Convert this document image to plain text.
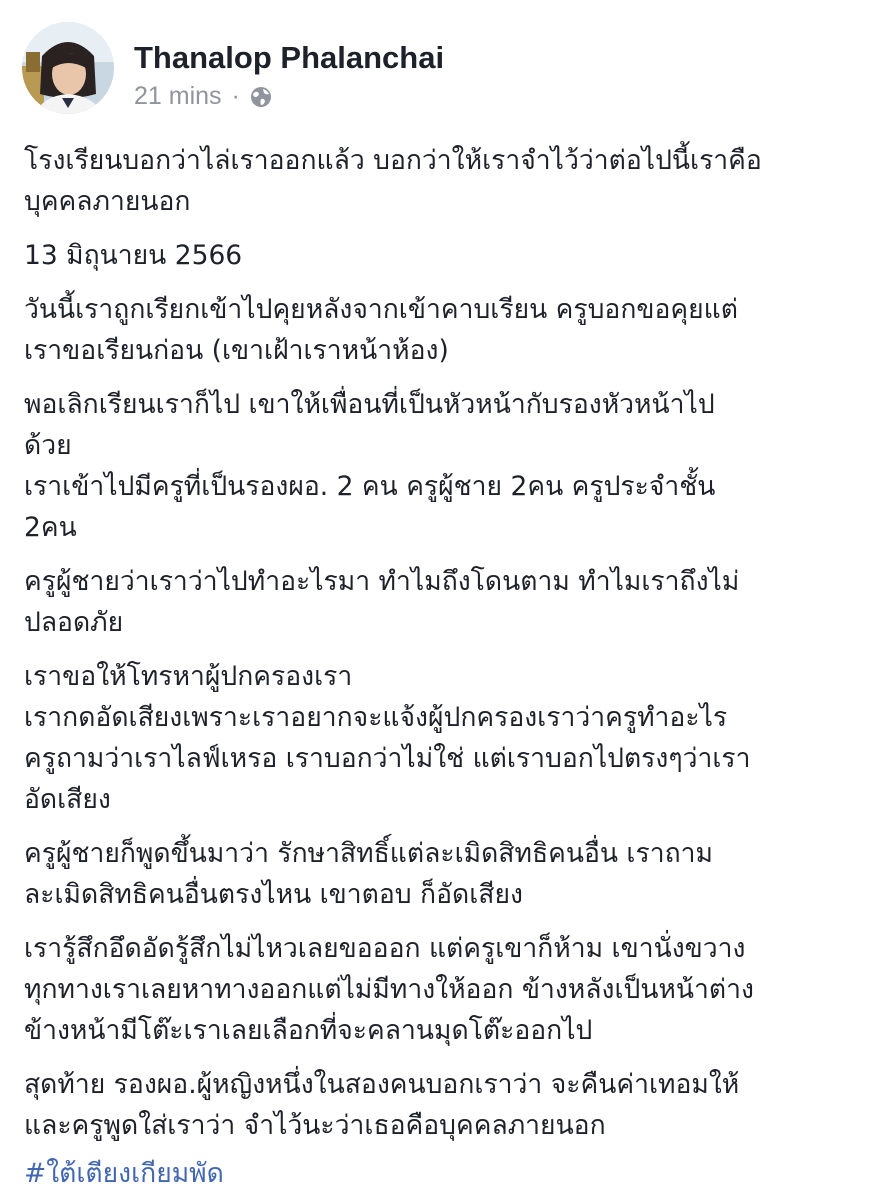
Thanalop Phalanchai
21 mins ·
โรงเรียนบอกว่าไล่เราออกแล้ว บอกว่าให้เราจำไว้ว่าต่อไปนี้เราคือ
บุคคลภายนอก
13 มิถุนายน 2566
วันนี้เราถูกเรียกเข้าไปคุยหลังจากเข้าคาบเรียน ครูบอกขอคุยแต่
เราขอเรียนก่อน (เขาเฝ้าเราหน้าห้อง)
พอเลิกเรียนเราก็ไป เขาให้เพื่อนที่เป็นหัวหน้ากับรองหัวหน้าไป
ด้วย
เราเข้าไปมีครูที่เป็นรองผอ. 2 คน ครูผู้ชาย 2คน ครูประจำชั้น
2คน
ครูผู้ชายว่าเราว่าไปทำอะไรมา ทำไมถึงโดนตาม ทำไมเราถึงไม่
ปลอดภัย
เราขอให้โทรหาผู้ปกครองเรา
เรากดอัดเสียงเพราะเราอยากจะแจ้งผู้ปกครองเราว่าครูทำอะไร
ครูถามว่าเราไลฟ์เหรอ เราบอกว่าไม่ใช่ แต่เราบอกไปตรงๆว่าเรา
อัดเสียง
ครูผู้ชายก็พูดขึ้นมาว่า รักษาสิทธิ์แต่ละเมิดสิทธิคนอื่น เราถาม
ละเมิดสิทธิคนอื่นตรงไหน เขาตอบ ก็อัดเสียง
เรารู้สึกอึดอัดรู้สึกไม่ไหวเลยขอออก แต่ครูเขาก็ห้าม เขานั่งขวาง
ทุกทางเราเลยหาทางออกแต่ไม่มีทางให้ออก ข้างหลังเป็นหน้าต่าง
ข้างหน้ามีโต๊ะเราเลยเลือกที่จะคลานมุดโต๊ะออกไป
สุดท้าย รองผอ.ผู้หญิงหนึ่งในสองคนบอกเราว่า จะคืนค่าเทอมให้
และครูพูดใส่เราว่า จำไว้นะว่าเธอคือบุคคลภายนอก
#ใต้เตียงเกียมพัด
